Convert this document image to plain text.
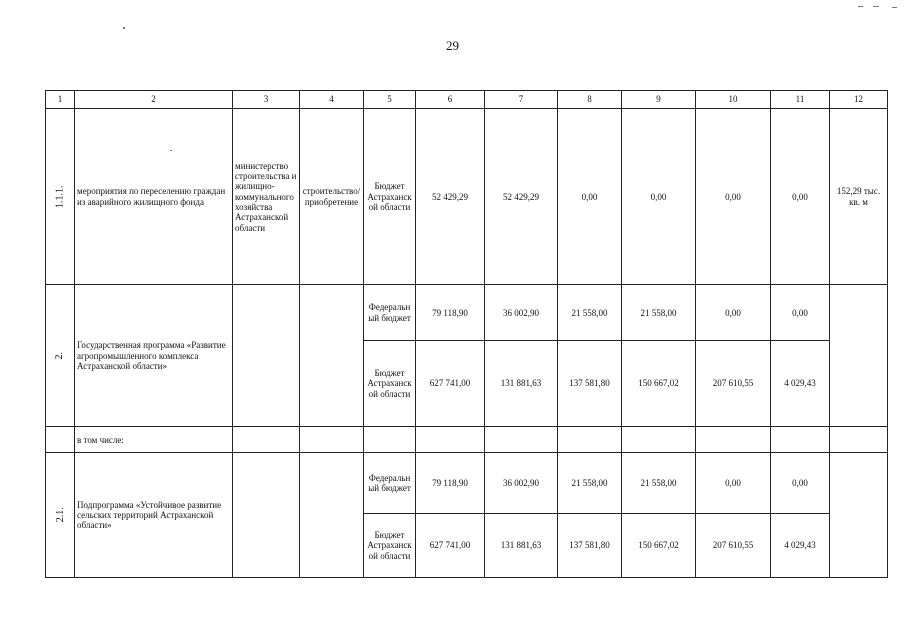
29
1	2	3	4	5	6	7	8	9	10	11	12

1.1.1.	мероприятия по переселению граждан из аварийного жилищного фонда	министерство строительства и жилищно-коммунального хозяйства Астраханской области	строительство/ приобретение	Бюджет Астраханской области	52 429,29	52 429,29	0,00	0,00	0,00	0,00	152,29 тыс. кв. м

2.	Государственная программа «Развитие агропромышленного комплекса Астраханской области»			Федеральный бюджет	79 118,90	36 002,90	21 558,00	21 558,00	0,00	0,00	
				Бюджет Астраханской области	627 741,00	131 881,63	137 581,80	150 667,02	207 610,55	4 029,43	
	в том числе:										

2.1.	Подпрограмма «Устойчивое развитие сельских территорий Астраханской области»			Федеральный бюджет	79 118,90	36 002,90	21 558,00	21 558,00	0,00	0,00	
				Бюджет Астраханской области	627 741,00	131 881,63	137 581,80	150 667,02	207 610,55	4 029,43	
